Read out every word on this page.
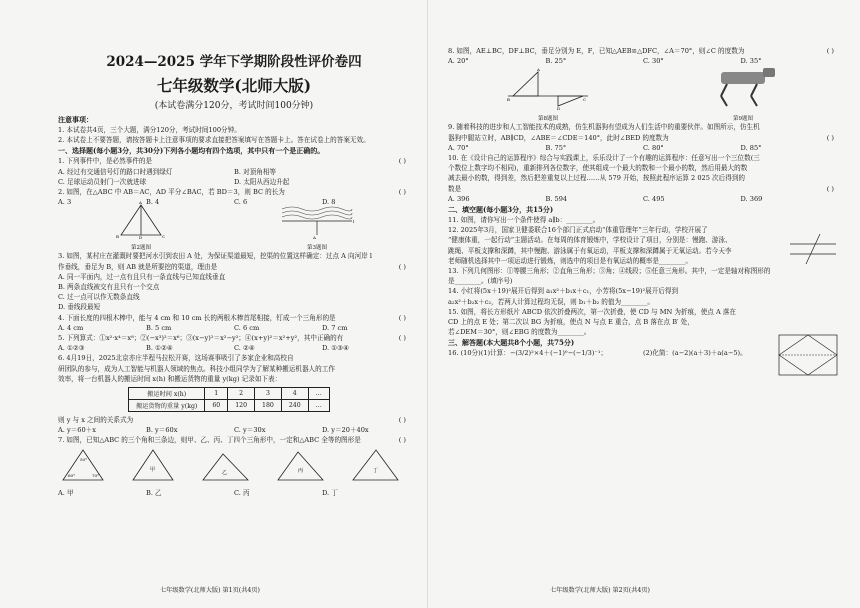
2024—2025 学年下学期阶段性评价卷四
七年级数学(北师大版)
(本试卷满分120分，考试时间100分钟)
注意事项：
1. 本试卷共4页，三个大题，满分120分，考试时间100分钟。
2. 本试卷上不要答题，请按答题卡上注意事项的要求直接把答案填写在答题卡上。答在试卷上的答案无效。
一、选择题(每小题3分，共30分)下列各小题均有四个选项，其中只有一个是正确的。
1. 下列事件中，是必然事件的是	( )
A. 经过有交通信号灯的路口时遇到绿灯	B. 对顶角相等
C. 足球运动员射门一次就进球	D. 太阳从西边升起
2. 如图，在△ABC 中 AB＝AC，AD 平分∠BAC，若 BD＝3，则 BC 的长为	( )
A. 3	B. 4	C. 6	D. 8
A
B	D	C
第2题图
A
l
第3题图
3. 如图，某村庄在灌溉时要把河水引到农田 A 处，为保证渠道最短，挖渠的位置这样确定：过点 A 向河岸 l
作垂线，垂足为 B，则 AB 就是所要挖的渠道，理由是	( )
A. 同一平面内，过一点有且只有一条直线与已知直线垂直
B. 两条直线被交有且只有一个交点
C. 过一点可以作无数条直线
D. 垂线段最短
4. 下面长度的四根木棒中，能与 4 cm 和 10 cm 长的两根木棒首尾相接，钉成一个三角形的是	( )
A. 4 cm	B. 5 cm	C. 6 cm	D. 7 cm
5. 下列算式：①x²·x⁴＝x⁸；②(−x³)²＝x⁶；③(x−y)²＝x²−y²；④(x+y)²＝x²+y²，其中正确的有	( )
A. ①②③	B. ①②④	C. ②④	D. ①③④
6. 4月19日，2025北京亦庄半程马拉松开赛，这场赛事吸引了多家企业和高校自
研团队的参与，成为人工智能与机器人领域的焦点。科技小组同学为了解某种搬运机器人的工作
效率，将一台机器人的搬运时间 x(h) 和搬运货物的重量 y(kg) 记录如下表：
搬运时间 x(h)	1	2	3	4	…
搬运货物的重量 y(kg)	60	120	180	240	…
则 y 与 x 之间的关系式为	( )
A. y＝60＋x	B. y＝60x	C. y＝30x	D. y＝20＋40x
7. 如图，已知△ABC 的三个角和三条边，则甲、乙、丙、丁四个三角形中，一定和△ABC 全等的图形是	( )
60°	70°
50°
甲	乙	丙	丁
A. 甲	B. 乙	C. 丙	D. 丁
七年级数学(北师大版) 第1页(共4页)
8. 如图，AE⊥BC，DF⊥BC，垂足分别为 E，F，已知△AEB≌△DFC，∠A＝70°，则∠C 的度数为	( )
A. 20°	B. 25°	C. 30°	D. 35°
A
B	C
D
第8题图	第9题图
9. 随着科技的进步和人工智能技术的成熟，仿生机器狗有望成为人们生活中的重要伙伴。如图所示，仿生机
器狗中腿站立时，AB∥CD，∠ABE＝∠CDE＝140°，此时∠BED 的度数为	( )
A. 70°	B. 75°	C. 80°	D. 85°
10. 在《设计自己的运算程序》综合与实践课上，乐乐设计了一个有趣的运算程序：任意写出一个三位数(三
个数位上数字均不相同)，重新排列各位数字，使其组成一个最大的数和一个最小的数，然后用最大的数
减去最小的数，得到差，然后把差重复以上过程……从 579 开始，按照此程序运算 2 025 次后得到的
数是	( )
A. 396	B. 594	C. 495	D. 369
二、填空题(每小题3分，共15分)
11. 如图，请你写出一个条件使得 a∥b：________。
12. 2025年3月，国家卫健委联合16个部门正式启动“体重管理年”三年行动，学校开展了
“健康体重，一起行动”主题活动。在每周的体育锻炼中，学校设计了项目，分别是：慢跑、游泳、
跳绳、平板支撑和深蹲，其中慢跑、游泳属于有氧运动，平板支撑和深蹲属于无氧运动。若今天李
老师随机选择其中一项运动进行锻炼，则选中的项目是有氧运动的概率是________。
13. 下列几何图形：①等腰三角形；②直角三角形；③角；④线段；⑤任意三角形。其中，一定是轴对称图形的
是________。(填序号)
14. 小红将(5x＋19)²展开后得到 a₁x²＋b₁x＋c₁，小芳将(5x−19)²展开后得到
a₂x²＋b₂x＋c₂，若两人计算过程均无误，则 b₁＋b₂ 的值为________。
15. 如图，将长方形纸片 ABCD 依次折叠两次，第一次折叠，使 CD 与 MN 为折痕，使点 A 落在
CD 上的点 E 处；第二次以 BG 为折痕，使点 N 与点 E 重合，点 B 落在点 B′ 处，
若∠DEM＝30°，则∠EBG 的度数为________。
三、解答题(本大题共8个小题，共75分)
16. (10分)(1)计算：−(3/2)²×4＋(−1)⁰−(−1/3)⁻¹；	(2)化简：(a−2)(a＋3)＋a(a−5)。
七年级数学(北师大版) 第2页(共4页)
